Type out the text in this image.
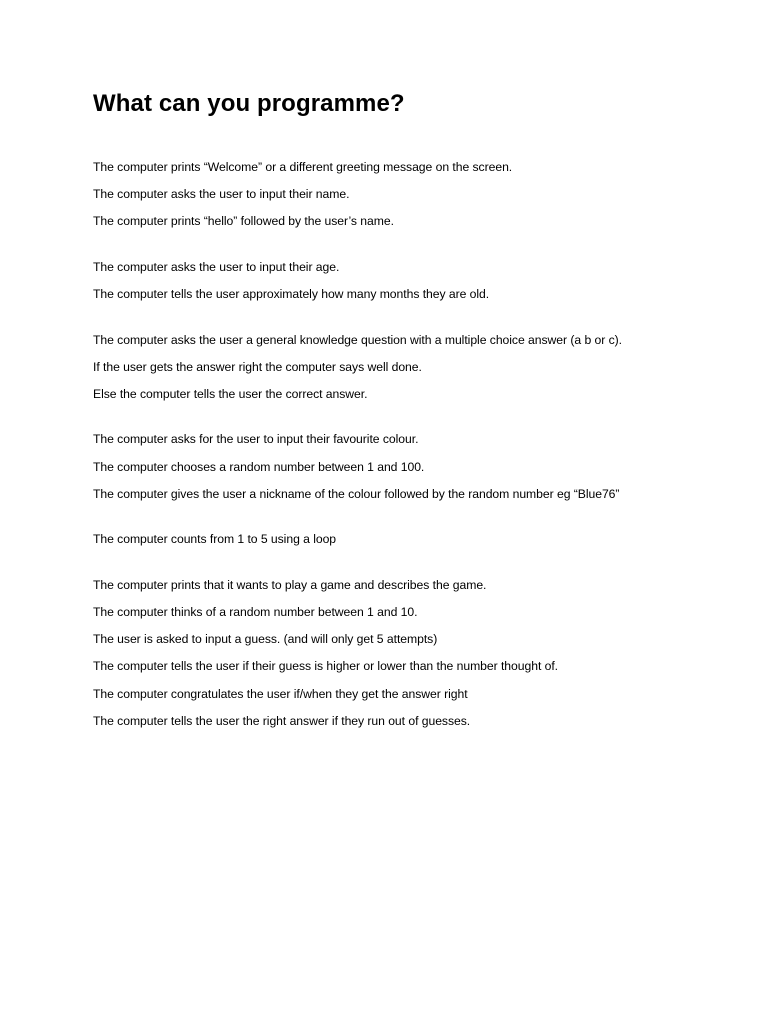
What can you programme?

The computer prints “Welcome” or a different greeting message on the screen.

The computer asks the user to input their name.

The computer prints “hello” followed by the user’s name.

The computer asks the user to input their age.

The computer tells the user approximately how many months they are old.

The computer asks the user a general knowledge question with a multiple choice answer (a b or c).

If the user gets the answer right the computer says well done.

Else the computer tells the user the correct answer.

The computer asks for the user to input their favourite colour.

The computer chooses a random number between 1 and 100.

The computer gives the user a nickname of the colour followed by the random number eg “Blue76”

The computer counts from 1 to 5 using a loop

The computer prints that it wants to play a game and describes the game.

The computer thinks of a random number between 1 and 10.

The user is asked to input a guess. (and will only get 5 attempts)

The computer tells the user if their guess is higher or lower than the number thought of.

The computer congratulates the user if/when they get the answer right

The computer tells the user the right answer if they run out of guesses.
